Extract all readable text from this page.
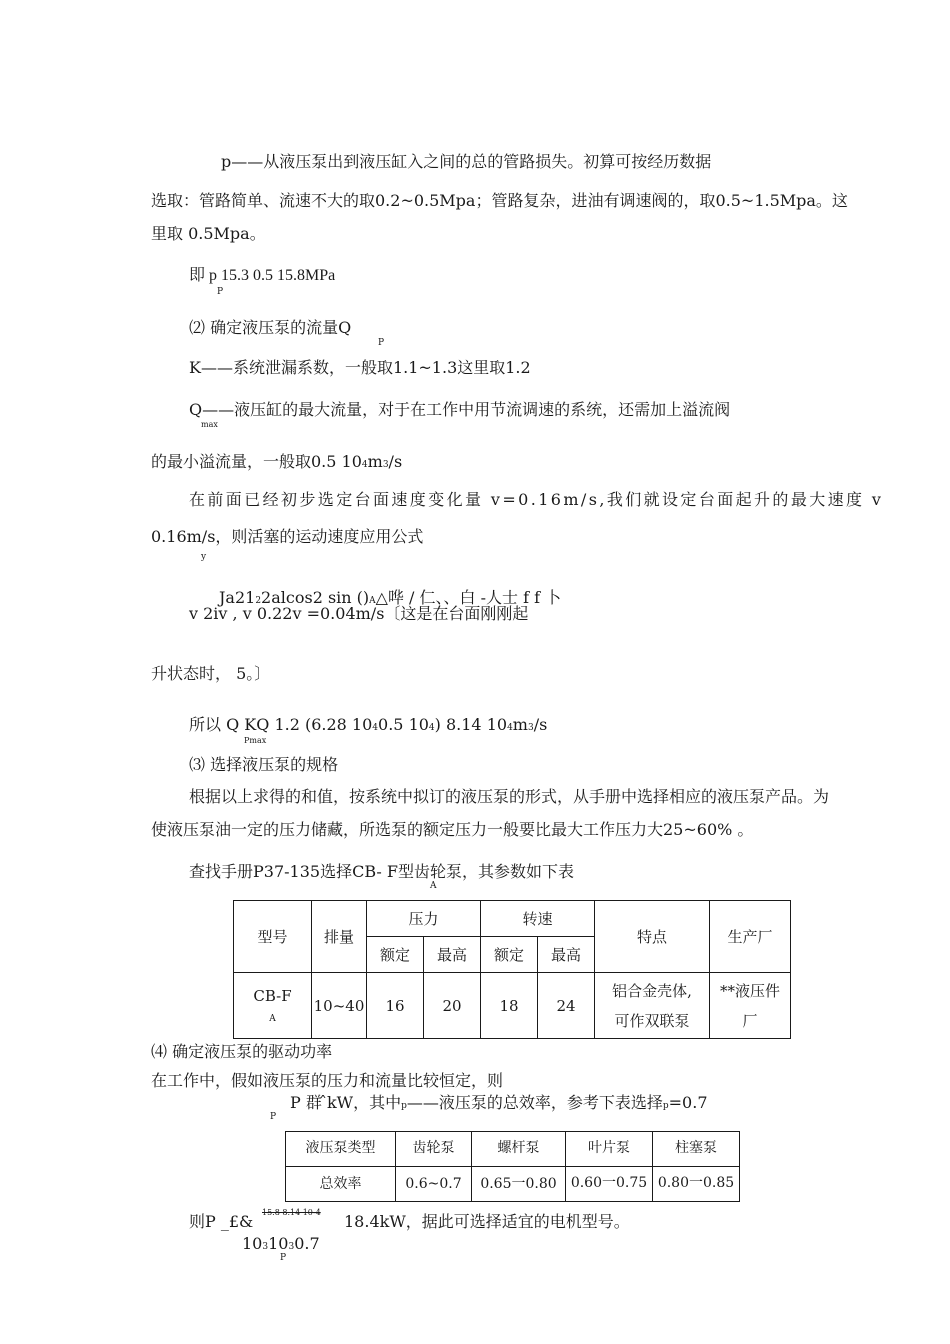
p——从液压泵出到液压缸入之间的总的管路损失。初算可按经历数据
选取：管路简单、流速不大的取0.2~0.5Mpa；管路复杂，进油有调速阀的，取0.5~1.5Mpa。这
里取 0.5Mpa。
即 p 15.3 0.5 15.8MPa
P
⑵ 确定液压泵的流量Q
P
K——系统泄漏系数，一般取1.1~1.3这里取1.2
Q——液压缸的最大流量，对于在工作中用节流调速的系统，还需加上溢流阀
max
的最小溢流量，一般取0.5 104m3/s
在前面已经初步选定台面速度变化量 v=0.16m/s,我们就设定台面起升的最大速度 v
0.16m/s，则活塞的运动速度应用公式
y
Ja2122alcos2 sin ()A△哗 / 仁、、白 -人士 f f 卜
v 2iv , v 0.22v =0.04m/s〔这是在台面刚刚起
升状态时， 5。〕
所以 Q KQ 1.2 (6.28 1040.5 104) 8.14 104m3/s
Pmax
⑶ 选择液压泵的规格
根据以上求得的和值，按系统中拟订的液压泵的形式，从手册中选择相应的液压泵产品。为
使液压泵油一定的压力储藏，所选泵的额定压力一般要比最大工作压力大25~60% 。
查找手册P37-135选择CB- F型齿轮泵，其参数如下表
A
型号	排量	压力		转速		特点	生产厂
		额定	最高	额定	最高		
CB-F
A	10~40	16	20	18	24	铝合金壳体,
可作双联泵	**液压件
厂
⑷ 确定液压泵的驱动功率
在工作中，假如液压泵的压力和流量比较恒定，则
P 群 ̂kW，其中p——液压泵的总效率，参考下表选择p=0.7
P
液压泵类型	齿轮泵	螺杆泵	叶片泵	柱塞泵

总效率	0.6~0.7	0.65一0.80	0.60一0.75	0.80一0.85
则P _£& 15.8 8.14 10-4 18.4kW，据此可选择适宜的电机型号。
1031030.7
P
